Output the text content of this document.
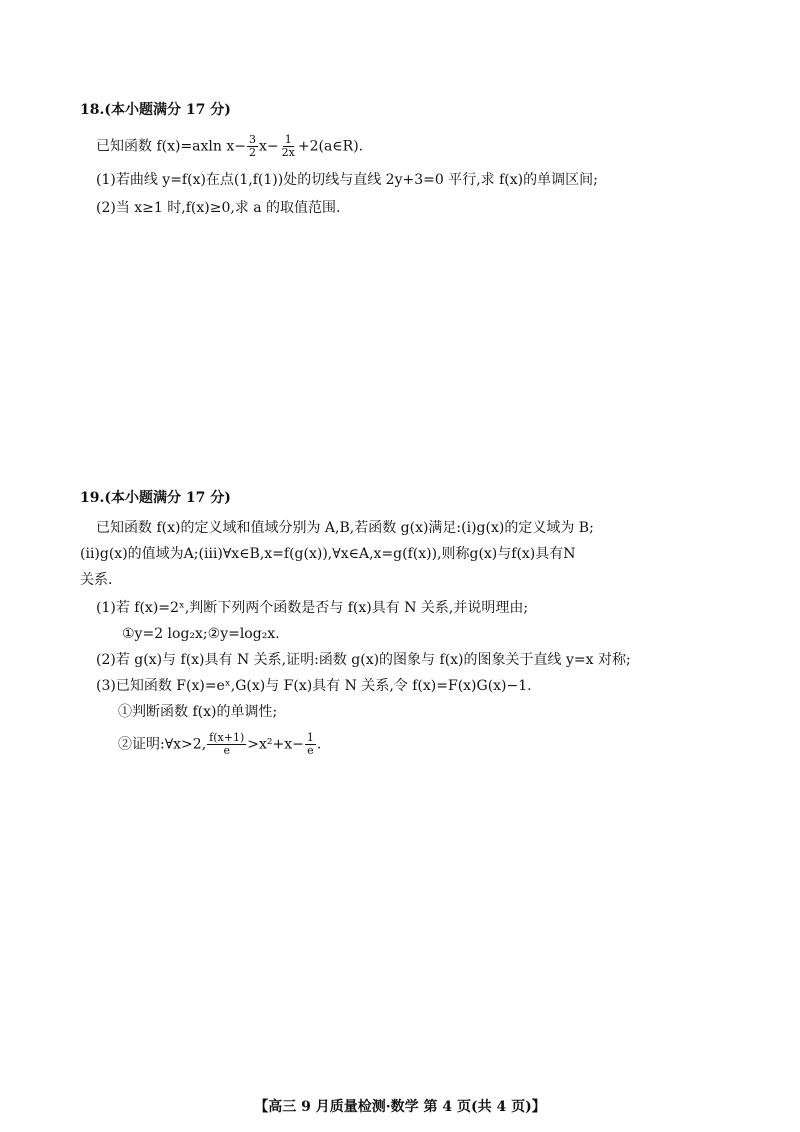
18.(本小题满分 17 分)
已知函数 f(x)=axln $x- \frac{3}{2} x- \frac{1}{2x}$ +2(a∈R).
(1)若曲线 y=f(x)在点(1,f(1))处的切线与直线 2y+3=0 平行,求 f(x)的单调区间;
(2)当 x≥1 时,f(x)≥0,求 a 的取值范围.
19.(本小题满分 17 分)
已知函数 f(x)的定义域和值域分别为 A,B,若函数 g(x)满足:(ⅰ)g(x)的定义域为 B;
(ⅱ)g(x)的值域为A;(ⅲ)∀x∈B,x=f(g(x)),∀x∈A,x=g(f(x)),则称g(x)与f(x)具有N
关系.
(1)若 f(x)=2ˣ,判断下列两个函数是否与 f(x)具有 N 关系,并说明理由;
①y=2 log₂x;②y=log₂x.
(2)若 g(x)与 f(x)具有 N 关系,证明:函数 g(x)的图象与 f(x)的图象关于直线 y=x 对称;
(3)已知函数 F(x)=eˣ,G(x)与 F(x)具有 N 关系,令 f(x)=F(x)G(x)−1.
①判断函数 f(x)的单调性;
②证明:∀x>2, $\frac{f(x+1)}{e} >x^2+x- \frac{1}{e}$ .
【高三 9 月质量检测·数学 第 4 页(共 4 页)】
